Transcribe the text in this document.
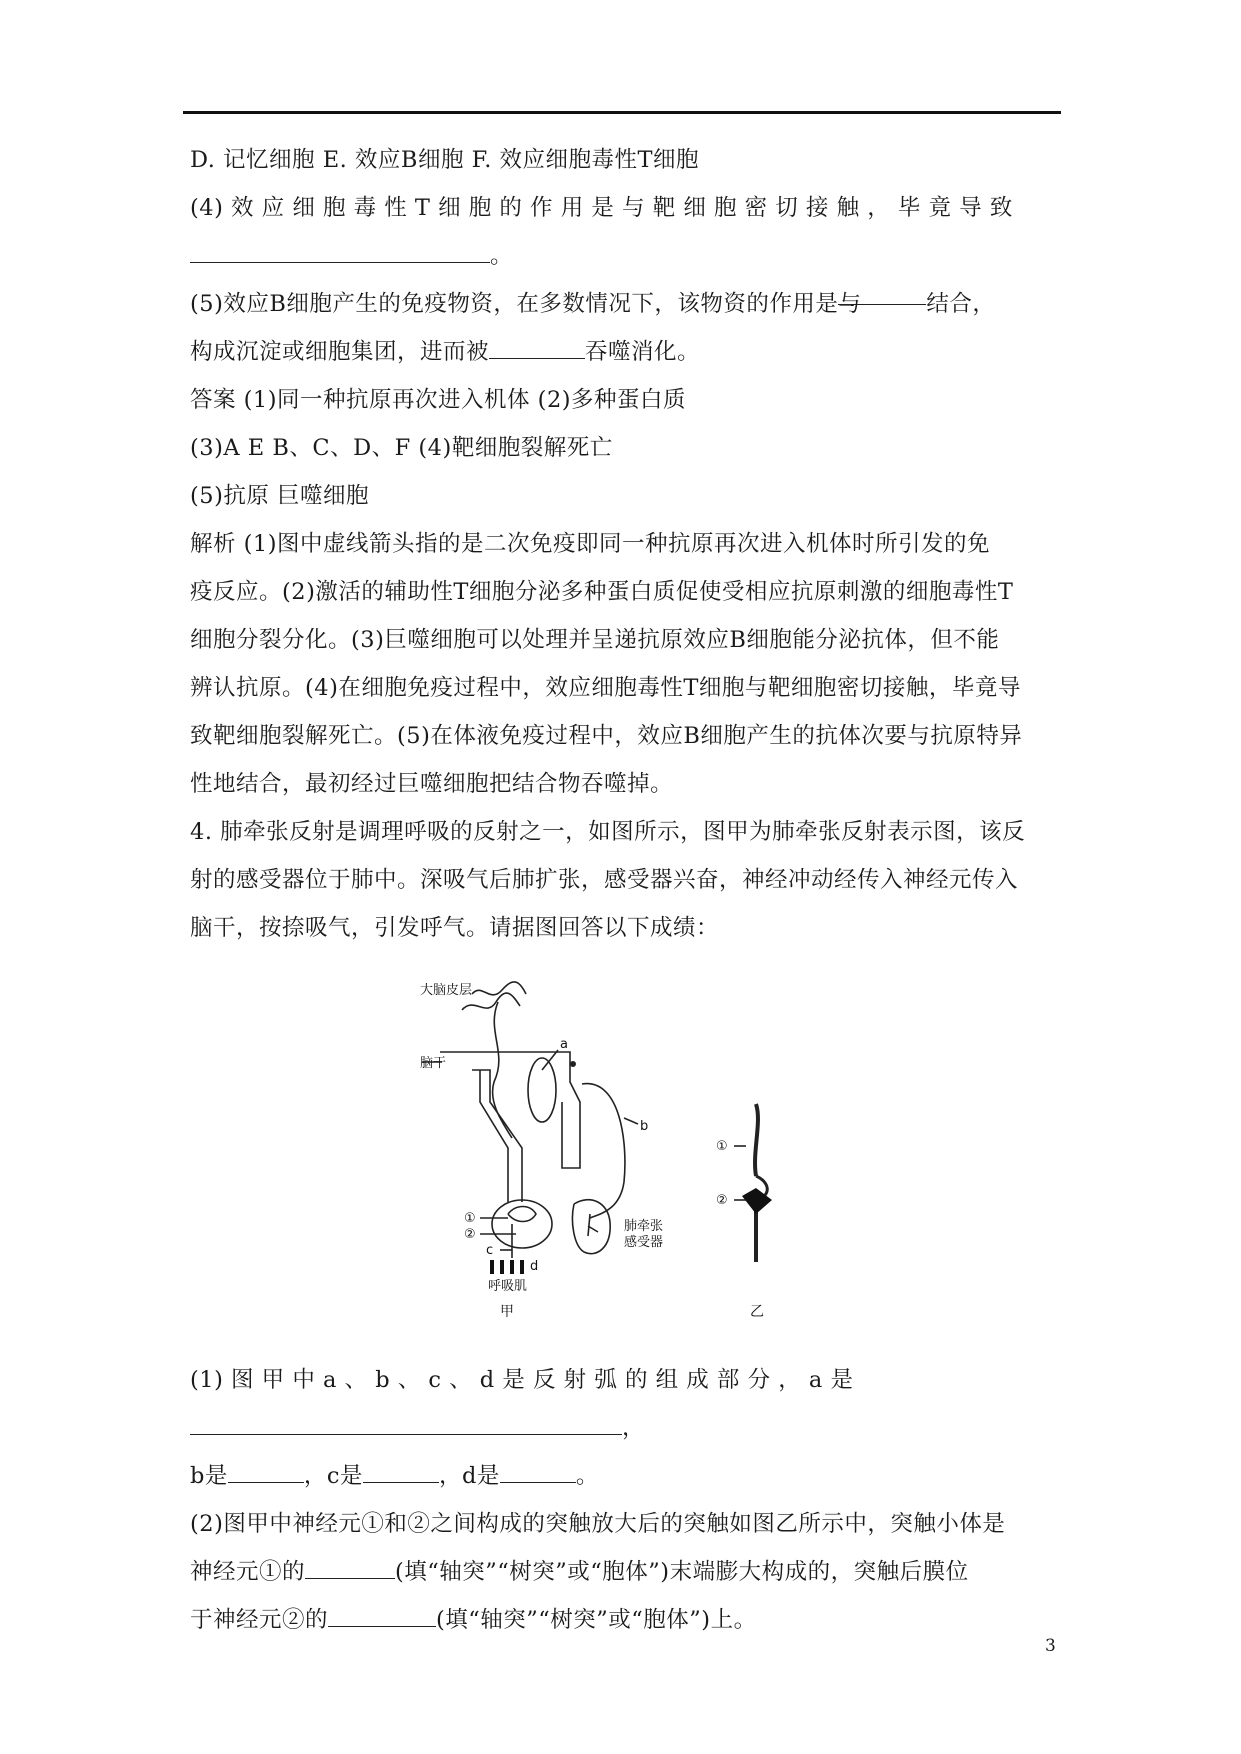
D. 记忆细胞 E. 效应B细胞 F. 效应细胞毒性T细胞
(4) 效 应 细 胞 毒 性 T 细 胞 的 作 用 是 与 靶 细 胞 密 切 接 触 ， 毕 竟 导 致
。
(5)效应B细胞产生的免疫物资，在多数情况下，该物资的作用是与	结合，
构成沉淀或细胞集团，进而被	吞噬消化。
答案 (1)同一种抗原再次进入机体 (2)多种蛋白质
(3)A E B、C、D、F (4)靶细胞裂解死亡
(5)抗原 巨噬细胞
解析 (1)图中虚线箭头指的是二次免疫即同一种抗原再次进入机体时所引发的免
疫反应。(2)激活的辅助性T细胞分泌多种蛋白质促使受相应抗原刺激的细胞毒性T
细胞分裂分化。(3)巨噬细胞可以处理并呈递抗原效应B细胞能分泌抗体，但不能
辨认抗原。(4)在细胞免疫过程中，效应细胞毒性T细胞与靶细胞密切接触，毕竟导
致靶细胞裂解死亡。(5)在体液免疫过程中，效应B细胞产生的抗体次要与抗原特异
性地结合，最初经过巨噬细胞把结合物吞噬掉。
4. 肺牵张反射是调理呼吸的反射之一，如图所示，图甲为肺牵张反射表示图，该反
射的感受器位于肺中。深吸气后肺扩张，感受器兴奋，神经冲动经传入神经元传入
脑干，按捺吸气，引发呼气。请据图回答以下成绩：
大脑皮层
脑干
a
b
c
d
①
②
肺牵张
感受器
呼吸肌
甲	乙
①
②
(1) 图 甲 中 a 、 b 、 c 、 d 是 反 射 弧 的 组 成 部 分 ， a 是
，
b是	，c是	，d是	。
(2)图甲中神经元①和②之间构成的突触放大后的突触如图乙所示中，突触小体是
神经元①的	(填“轴突”“树突”或“胞体”)末端膨大构成的，突触后膜位
于神经元②的	(填“轴突”“树突”或“胞体”)上。
3
